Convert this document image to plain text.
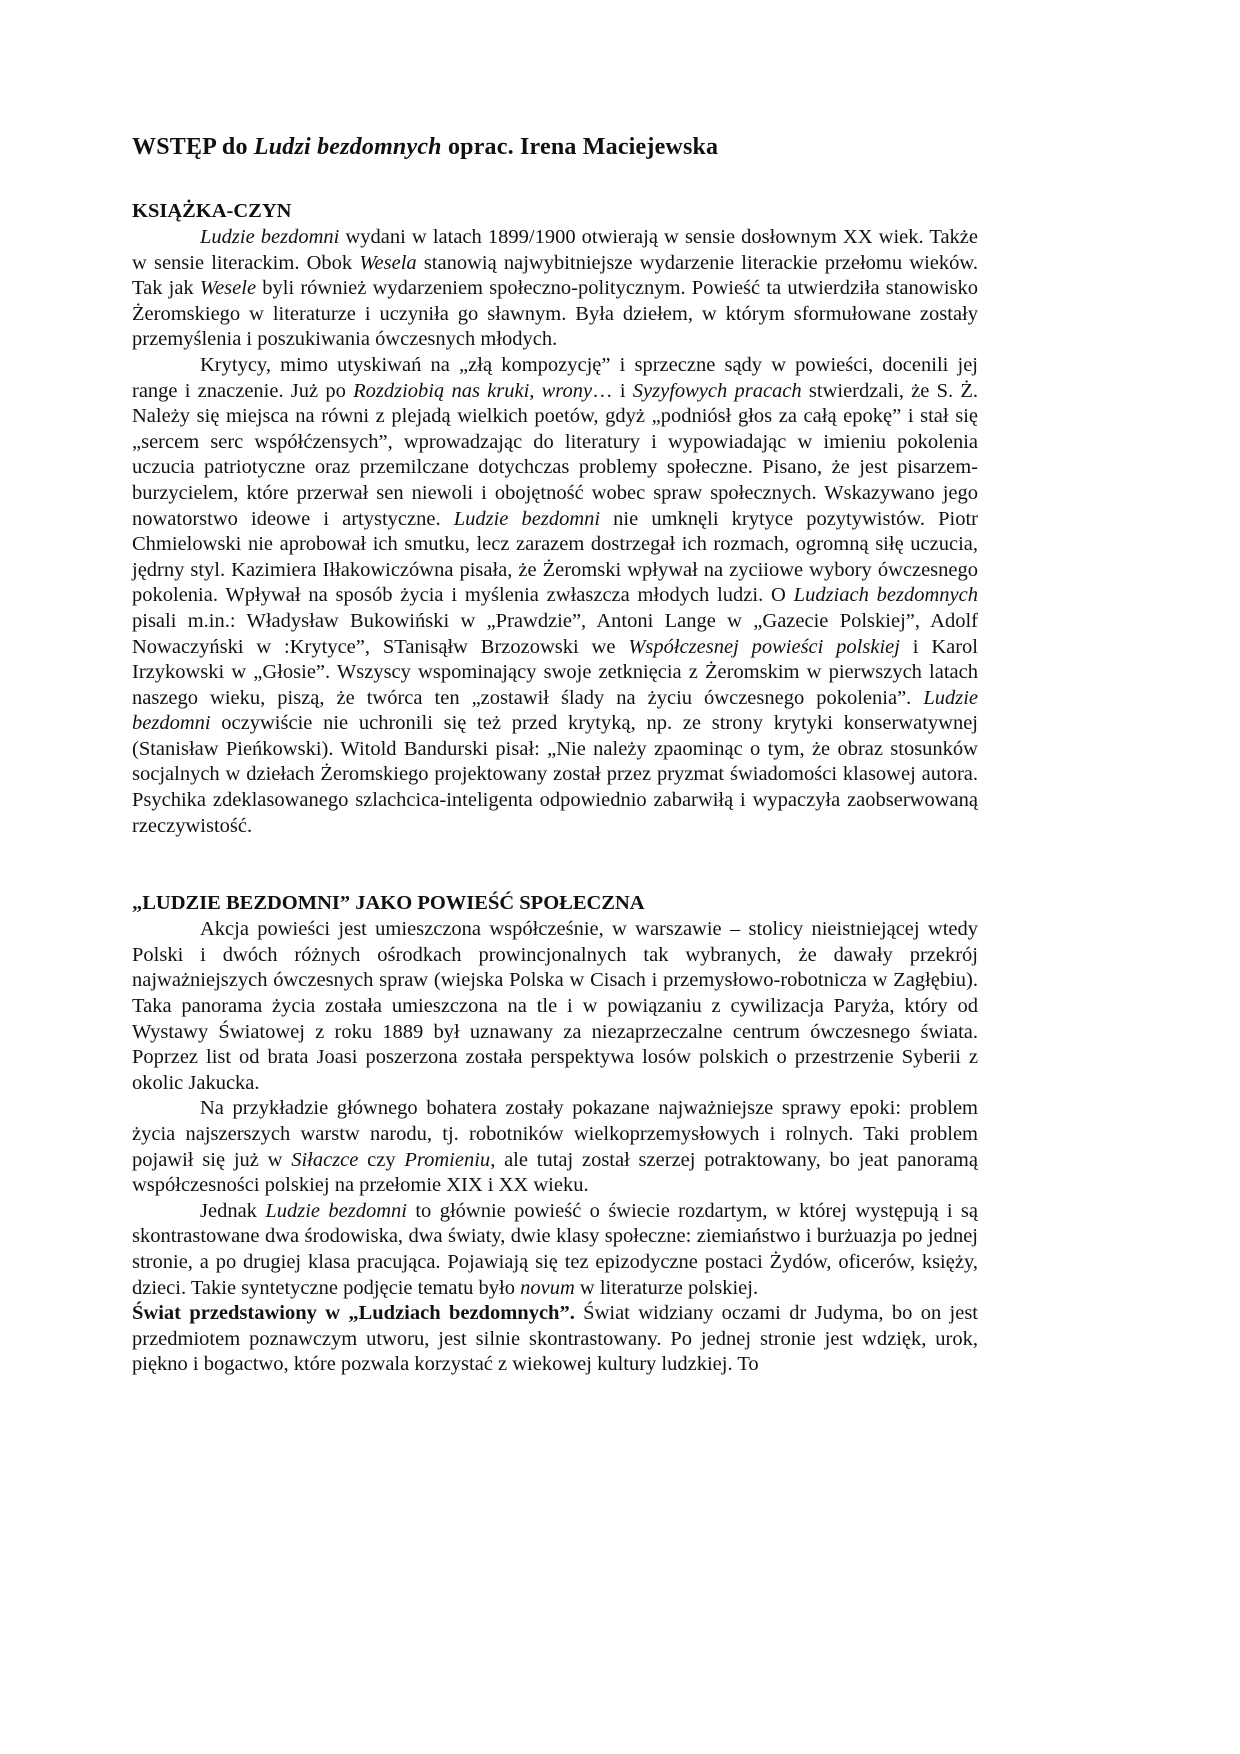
WSTĘP do Ludzi bezdomnych oprac. Irena Maciejewska
KSIĄŻKA-CZYN

Ludzie bezdomni wydani w latach 1899/1900 otwierają w sensie dosłownym XX wiek. Także w sensie literackim. Obok Wesela stanowią najwybitniejsze wydarzenie literackie przełomu wieków. Tak jak Wesele byli również wydarzeniem społeczno-politycznym. Powieść ta utwierdziła stanowisko Żeromskiego w literaturze i uczyniła go sławnym. Była dziełem, w którym sformułowane zostały przemyślenia i poszukiwania ówczesnych młodych.

Krytycy, mimo utyskiwań na „złą kompozycję” i sprzeczne sądy w powieści, docenili jej range i znaczenie. Już po Rozdziobią nas kruki, wrony… i Syzyfowych pracach stwierdzali, że S. Ż. Należy się miejsca na równi z plejadą wielkich poetów, gdyż „podniósł głos za całą epokę” i stał się „sercem serc współćzensych”, wprowadzając do literatury i wypowiadając w imieniu pokolenia uczucia patriotyczne oraz przemilczane dotychczas problemy społeczne. Pisano, że jest pisarzem-burzycielem, które przerwał sen niewoli i obojętność wobec spraw społecznych. Wskazywano jego nowatorstwo ideowe i artystyczne. Ludzie bezdomni nie umknęli krytyce pozytywistów. Piotr Chmielowski nie aprobował ich smutku, lecz zarazem dostrzegał ich rozmach, ogromną siłę uczucia, jędrny styl. Kazimiera Iłłakowiczówna pisała, że Żeromski wpływał na zyciiowe wybory ówczesnego pokolenia. Wpływał na sposób życia i myślenia zwłaszcza młodych ludzi. O Ludziach bezdomnych pisali m.in.: Władysław Bukowiński w „Prawdzie”, Antoni Lange w „Gazecie Polskiej”, Adolf Nowaczyński w :Krytyce”, STanisąłw Brzozowski we Współczesnej powieści polskiej i Karol Irzykowski w „Głosie”. Wszyscy wspominający swoje zetknięcia z Żeromskim w pierwszych latach naszego wieku, piszą, że twórca ten „zostawił ślady na życiu ówczesnego pokolenia”. Ludzie bezdomni oczywiście nie uchronili się też przed krytyką, np. ze strony krytyki konserwatywnej (Stanisław Pieńkowski). Witold Bandurski pisał: „Nie należy zpaominąc o tym, że obraz stosunków socjalnych w dziełach Żeromskiego projektowany został przez pryzmat świadomości klasowej autora. Psychika zdeklasowanego szlachcica-inteligenta odpowiednio zabarwiłą i wypaczyła zaobserwowaną rzeczywistość.

„LUDZIE BEZDOMNI” JAKO POWIEŚĆ SPOŁECZNA

Akcja powieści jest umieszczona współcześnie, w warszawie – stolicy nieistniejącej wtedy Polski i dwóch różnych ośrodkach prowincjonalnych tak wybranych, że dawały przekrój najważniejszych ówczesnych spraw (wiejska Polska w Cisach i przemysłowo-robotnicza w Zagłębiu). Taka panorama życia została umieszczona na tle i w powiązaniu z cywilizacja Paryża, który od Wystawy Światowej z roku 1889 był uznawany za niezaprzeczalne centrum ówczesnego świata. Poprzez list od brata Joasi poszerzona została perspektywa losów polskich o przestrzenie Syberii z okolic Jakucka.

Na przykładzie głównego bohatera zostały pokazane najważniejsze sprawy epoki: problem życia najszerszych warstw narodu, tj. robotników wielkoprzemysłowych i rolnych. Taki problem pojawił się już w Siłaczce czy Promieniu, ale tutaj został szerzej potraktowany, bo jeat panoramą współczesności polskiej na przełomie XIX i XX wieku.

Jednak Ludzie bezdomni to głównie powieść o świecie rozdartym, w której występują i są skontrastowane dwa środowiska, dwa światy, dwie klasy społeczne: ziemiaństwo i burżuazja po jednej stronie, a po drugiej klasa pracująca. Pojawiają się tez epizodyczne postaci Żydów, oficerów, księży, dzieci. Takie syntetyczne podjęcie tematu było novum w literaturze polskiej.

Świat przedstawiony w „Ludziach bezdomnych”. Świat widziany oczami dr Judyma, bo on jest przedmiotem poznawczym utworu, jest silnie skontrastowany. Po jednej stronie jest wdzięk, urok, piękno i bogactwo, które pozwala korzystać z wiekowej kultury ludzkiej. To
